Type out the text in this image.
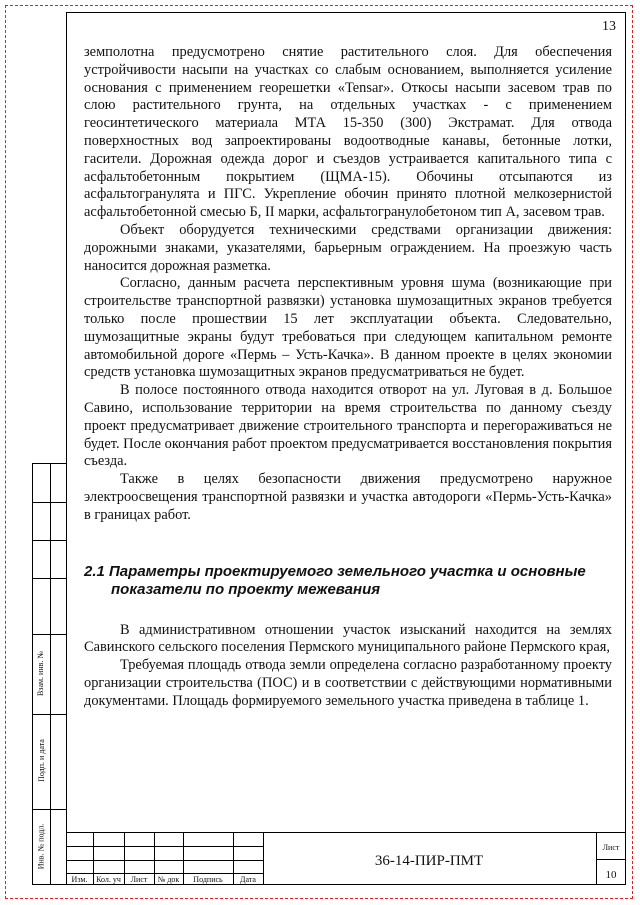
13

земполотна предусмотрено снятие растительного слоя. Для обеспечения устройчивости насыпи на участках со слабым основанием, выполняется усиление основания с применением георешетки «Tensar». Откосы насыпи засевом трав по слою растительного грунта, на отдельных участках - с применением геосинтетического материала МТА 15-350 (300) Экстрамат. Для отвода поверхностных вод запроектированы водоотводные канавы, бетонные лотки, гасители. Дорожная одежда дорог и съездов устраивается капитального типа с асфальтобетонным покрытием (ЩМА-15). Обочины отсыпаются из асфальтогранулята и ПГС. Укрепление обочин принято плотной мелкозернистой асфальтобетонной смесью Б, II марки, асфальтогранулобетоном тип А, засевом трав.

Объект оборудуется техническими средствами организации движения: дорожными знаками, указателями, барьерным ограждением. На проезжую часть наносится дорожная разметка.

Согласно, данным расчета перспективным уровня шума (возникающие при строительстве транспортной развязки) установка шумозащитных экранов требуется только после прошествии 15 лет эксплуатации объекта. Следовательно, шумозащитные экраны будут требоваться при следующем капитальном ремонте автомобильной дороге «Пермь – Усть-Качка». В данном проекте в целях экономии средств установка шумозащитных экранов предусматриваться не будет.

В полосе постоянного отвода находится отворот на ул. Луговая в д. Большое Савино, использование территории на время строительства по данному съезду проект предусматривает движение строительного транспорта и перегораживаться не будет. После окончания работ проектом предусматривается восстановления покрытия съезда.

Также в целях безопасности движения предусмотрено наружное электроосвещения транспортной развязки и участка автодороги «Пермь-Усть-Качка» в границах работ.

2.1 Параметры проектируемого земельного участка и основные показатели по проекту межевания

В административном отношении участок изысканий находится на землях Савинского сельского поселения Пермского муниципального районе Пермского края,

Требуемая площадь отвода земли определена согласно разработанному проекту организации строительства (ПОС) и в соответствии с действующими нормативными документами. Площадь формируемого земельного участка приведена в таблице 1.

Взам. инв. №
Подп. и дата
Инв. № подл.
Изм.	Кол. уч	Лист	№ док	Подпись	Дата
36-14-ПИР-ПМТ
Лист
10
